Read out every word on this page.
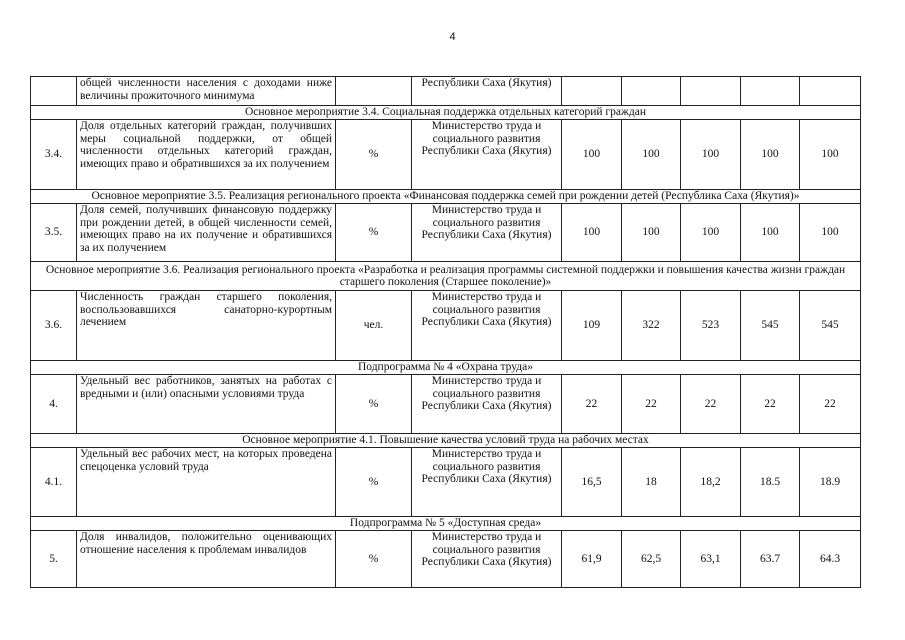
4
	общей численности населения с доходами ниже величины прожиточного минимума		Республики Саха (Якутия)					
Основное мероприятие 3.4. Социальная поддержка отдельных категорий граждан								
3.4.	Доля отдельных категорий граждан, получивших меры социальной поддержки, от общей численности отдельных категорий граждан, имеющих право и обратившихся за их получением	%	Министерство труда и социального развития Республики Саха (Якутия)	100	100	100	100	100
Основное мероприятие 3.5. Реализация регионального проекта «Финансовая поддержка семей при рождении детей (Республика Саха (Якутия)»								
3.5.	Доля семей, получивших финансовую поддержку при рождении детей, в общей численности семей, имеющих право на их получение и обратившихся за их получением	%	Министерство труда и социального развития Республики Саха (Якутия)	100	100	100	100	100
Основное мероприятие 3.6. Реализация регионального проекта «Разработка и реализация программы системной поддержки и повышения качества жизни граждан старшего поколения (Старшее поколение)»								
3.6.	Численность граждан старшего поколения, воспользовавшихся санаторно-курортным лечением	чел.	Министерство труда и социального развития Республики Саха (Якутия)	109	322	523	545	545
Подпрограмма № 4 «Охрана труда»								
4.	Удельный вес работников, занятых на работах с вредными и (или) опасными условиями труда	%	Министерство труда и социального развития Республики Саха (Якутия)	22	22	22	22	22
Основное мероприятие 4.1. Повышение качества условий труда на рабочих местах								
4.1.	Удельный вес рабочих мест, на которых проведена спецоценка условий труда	%	Министерство труда и социального развития Республики Саха (Якутия)	16,5	18	18,2	18.5	18.9
Подпрограмма № 5 «Доступная среда»								
5.	Доля инвалидов, положительно оценивающих отношение населения к проблемам инвалидов	%	Министерство труда и социального развития Республики Саха (Якутия)	61,9	62,5	63,1	63.7	64.3
